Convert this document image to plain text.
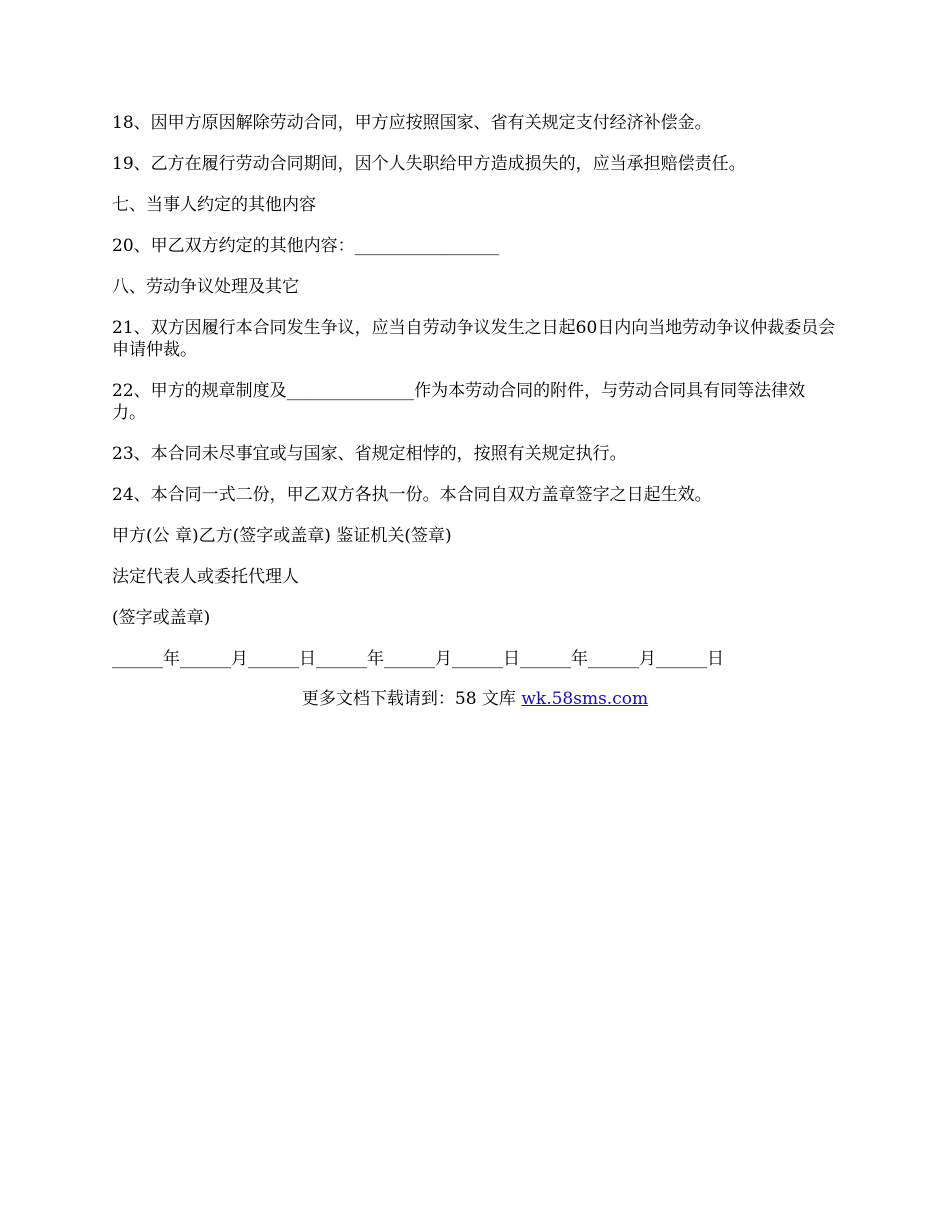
18、因甲方原因解除劳动合同，甲方应按照国家、省有关规定支付经济补偿金。

19、乙方在履行劳动合同期间，因个人失职给甲方造成损失的，应当承担赔偿责任。

七、当事人约定的其他内容

20、甲乙双方约定的其他内容：_________________

八、劳动争议处理及其它

21、双方因履行本合同发生争议，应当自劳动争议发生之日起60日内向当地劳动争议仲裁委员会申请仲裁。

22、甲方的规章制度及_______________作为本劳动合同的附件，与劳动合同具有同等法律效力。

23、本合同未尽事宜或与国家、省规定相悖的，按照有关规定执行。

24、本合同一式二份，甲乙双方各执一份。本合同自双方盖章签字之日起生效。

甲方(公 章)乙方(签字或盖章) 鉴证机关(签章)

法定代表人或委托代理人

(签字或盖章)

______年______月______日______年______月______日______年______月______日

更多文档下载请到：58 文库 wk.58sms.com
